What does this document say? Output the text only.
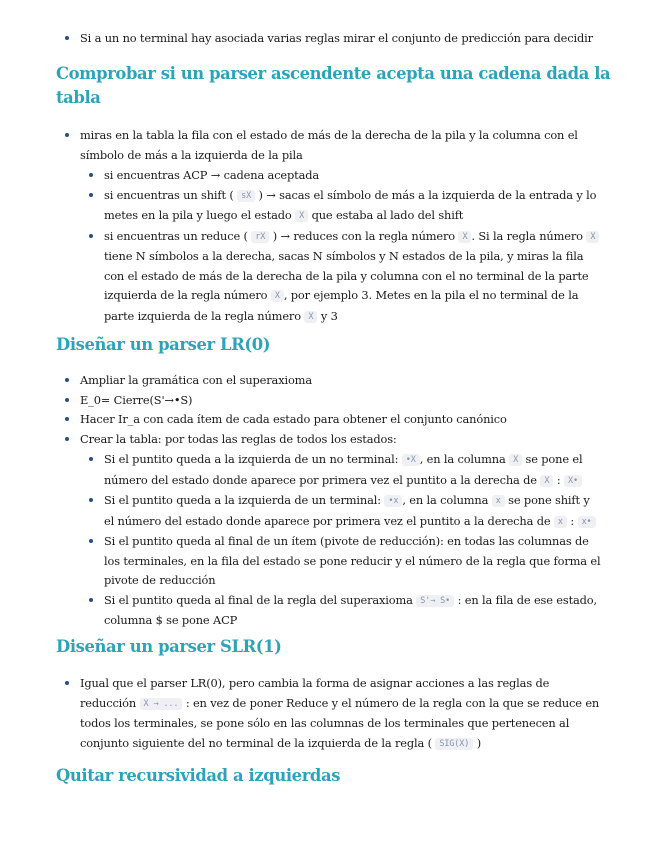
Si a un no terminal hay asociada varias reglas mirar el conjunto de predicción para decidir
Comprobar si un parser ascendente acepta una cadena dada la tabla
miras en la tabla la fila con el estado de más de la derecha de la pila y la columna con el símbolo de más a la izquierda de la pila
si encuentras ACP → cadena aceptada
si encuentras un shift ( sX ) → sacas el símbolo de más a la izquierda de la entrada y lo metes en la pila y luego el estado X que estaba al lado del shift
si encuentras un reduce ( rX ) → reduces con la regla número X . Si la regla número X tiene N símbolos a la derecha, sacas N símbolos y N estados de la pila, y miras la fila con el estado de más de la derecha de la pila y columna con el no terminal de la parte izquierda de la regla número X , por ejemplo 3. Metes en la pila el no terminal de la parte izquierda de la regla número X y 3
Diseñar un parser LR(0)
Ampliar la gramática con el superaxioma
E_0= Cierre(S'→•S)
Hacer Ir_a con cada ítem de cada estado para obtener el conjunto canónico
Crear la tabla: por todas las reglas de todos los estados:
Si el puntito queda a la izquierda de un no terminal: •X , en la columna X se pone el número del estado donde aparece por primera vez el puntito a la derecha de X : X•
Si el puntito queda a la izquierda de un terminal: •x , en la columna x se pone shift y el número del estado donde aparece por primera vez el puntito a la derecha de x : x•
Si el puntito queda al final de un ítem (pivote de reducción): en todas las columnas de los terminales, en la fila del estado se pone reducir y el número de la regla que forma el pivote de reducción
Si el puntito queda al final de la regla del superaxioma S'→ S• : en la fila de ese estado, columna $ se pone ACP
Diseñar un parser SLR(1)
Igual que el parser LR(0), pero cambia la forma de asignar acciones a las reglas de reducción X → ... : en vez de poner Reduce y el número de la regla con la que se reduce en todos los terminales, se pone sólo en las columnas de los terminales que pertenecen al conjunto siguiente del no terminal de la izquierda de la regla ( SIG(X) )
Quitar recursividad a izquierdas
